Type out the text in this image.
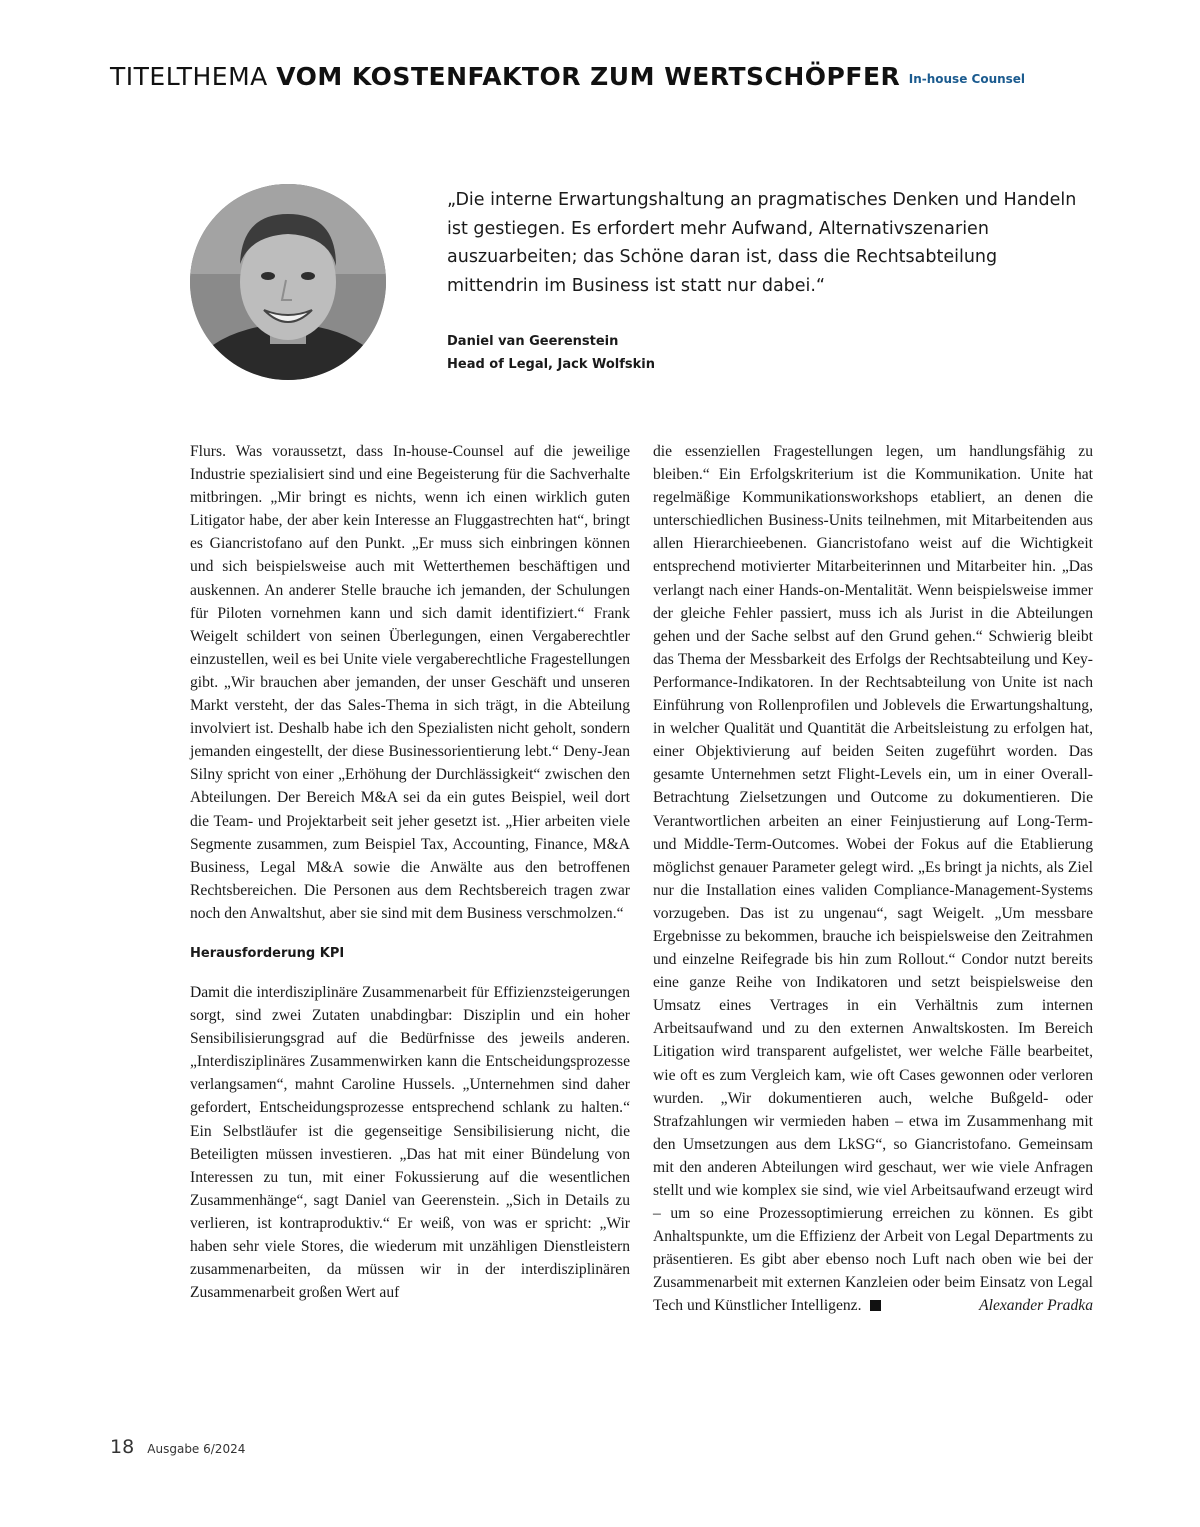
TITELTHEMA VOM KOSTENFAKTOR ZUM WERTSCHÖPFER In-house Counsel
„Die interne Erwartungshaltung an pragmatisches Denken und Handeln ist gestiegen. Es erfordert mehr Aufwand, Alternativszenarien auszuarbeiten; das Schöne daran ist, dass die Rechtsabteilung mittendrin im Business ist statt nur dabei.“
Daniel van Geerenstein
Head of Legal, Jack Wolfskin

Flurs. Was voraussetzt, dass In-house-Counsel auf die jeweilige Industrie spezialisiert sind und eine Begeisterung für die Sachverhalte mitbringen. „Mir bringt es nichts, wenn ich einen wirklich guten Litigator habe, der aber kein Interesse an Fluggastrechten hat“, bringt es Giancristofano auf den Punkt. „Er muss sich einbringen können und sich beispielsweise auch mit Wetterthemen beschäftigen und auskennen. An anderer Stelle brauche ich jemanden, der Schulungen für Piloten vornehmen kann und sich damit identifiziert.“ Frank Weigelt schildert von seinen Überlegungen, einen Vergaberechtler einzustellen, weil es bei Unite viele vergaberechtliche Fragestellungen gibt. „Wir brauchen aber jemanden, der unser Geschäft und unseren Markt versteht, der das Sales-Thema in sich trägt, in die Abteilung involviert ist. Deshalb habe ich den Spezialisten nicht geholt, sondern jemanden eingestellt, der diese Businessorientierung lebt.“ Deny-Jean Silny spricht von einer „Erhöhung der Durchlässigkeit“ zwischen den Abteilungen. Der Bereich M&A sei da ein gutes Beispiel, weil dort die Team- und Projektarbeit seit jeher gesetzt ist. „Hier arbeiten viele Segmente zusammen, zum Beispiel Tax, Accounting, Finance, M&A Business, Legal M&A sowie die Anwälte aus den betroffenen Rechtsbereichen. Die Personen aus dem Rechtsbereich tragen zwar noch den Anwaltshut, aber sie sind mit dem Business verschmolzen.“

Herausforderung KPI

Damit die interdisziplinäre Zusammenarbeit für Effizienzsteigerungen sorgt, sind zwei Zutaten unabdingbar: Disziplin und ein hoher Sensibilisierungsgrad auf die Bedürfnisse des jeweils anderen. „Interdisziplinäres Zusammenwirken kann die Entscheidungsprozesse verlangsamen“, mahnt Caroline Hussels. „Unternehmen sind daher gefordert, Entscheidungsprozesse entsprechend schlank zu halten.“ Ein Selbstläufer ist die gegenseitige Sensibilisierung nicht, die Beteiligten müssen investieren. „Das hat mit einer Bündelung von Interessen zu tun, mit einer Fokussierung auf die wesentlichen Zusammenhänge“, sagt Daniel van Geerenstein. „Sich in Details zu verlieren, ist kontraproduktiv.“ Er weiß, von was er spricht: „Wir haben sehr viele Stores, die wiederum mit unzähligen Dienstleistern zusammenarbeiten, da müssen wir in der interdisziplinären Zusammenarbeit großen Wert auf

die essenziellen Fragestellungen legen, um handlungsfähig zu bleiben.“ Ein Erfolgskriterium ist die Kommunikation. Unite hat regelmäßige Kommunikationsworkshops etabliert, an denen die unterschiedlichen Business-Units teilnehmen, mit Mitarbeitenden aus allen Hierarchieebenen. Giancristofano weist auf die Wichtigkeit entsprechend motivierter Mitarbeiterinnen und Mitarbeiter hin. „Das verlangt nach einer Hands-on-Mentalität. Wenn beispielsweise immer der gleiche Fehler passiert, muss ich als Jurist in die Abteilungen gehen und der Sache selbst auf den Grund gehen.“ Schwierig bleibt das Thema der Messbarkeit des Erfolgs der Rechtsabteilung und Key-Performance-Indikatoren. In der Rechtsabteilung von Unite ist nach Einführung von Rollenprofilen und Joblevels die Erwartungshaltung, in welcher Qualität und Quantität die Arbeitsleistung zu erfolgen hat, einer Objektivierung auf beiden Seiten zugeführt worden. Das gesamte Unternehmen setzt Flight-Levels ein, um in einer Overall-Betrachtung Zielsetzungen und Outcome zu dokumentieren. Die Verantwortlichen arbeiten an einer Feinjustierung auf Long-Term- und Middle-Term-Outcomes. Wobei der Fokus auf die Etablierung möglichst genauer Parameter gelegt wird. „Es bringt ja nichts, als Ziel nur die Installation eines validen Compliance-Management-Systems vorzugeben. Das ist zu ungenau“, sagt Weigelt. „Um messbare Ergebnisse zu bekommen, brauche ich beispielsweise den Zeitrahmen und einzelne Reifegrade bis hin zum Rollout.“ Condor nutzt bereits eine ganze Reihe von Indikatoren und setzt beispielsweise den Umsatz eines Vertrages in ein Verhältnis zum internen Arbeitsaufwand und zu den externen Anwaltskosten. Im Bereich Litigation wird transparent aufgelistet, wer welche Fälle bearbeitet, wie oft es zum Vergleich kam, wie oft Cases gewonnen oder verloren wurden. „Wir dokumentieren auch, welche Bußgeld- oder Strafzahlungen wir vermieden haben – etwa im Zusammenhang mit den Umsetzungen aus dem LkSG“, so Giancristofano. Gemeinsam mit den anderen Abteilungen wird geschaut, wer wie viele Anfragen stellt und wie komplex sie sind, wie viel Arbeitsaufwand erzeugt wird – um so eine Prozessoptimierung erreichen zu können. Es gibt Anhaltspunkte, um die Effizienz der Arbeit von Legal Departments zu präsentieren. Es gibt aber ebenso noch Luft nach oben wie bei der Zusammenarbeit mit externen Kanzleien oder beim Einsatz von Legal Tech und Künstlicher Intelligenz.	Alexander Pradka

18 Ausgabe 6/2024
